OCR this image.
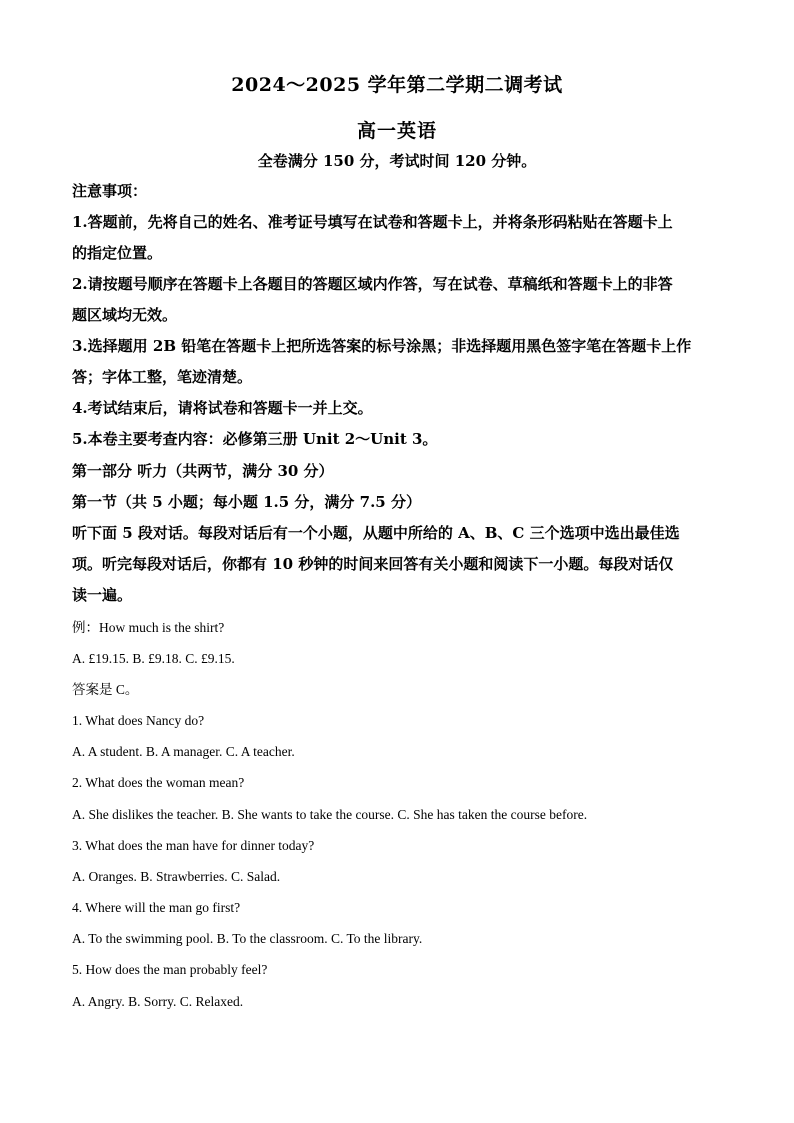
2024～2025 学年第二学期二调考试
高一英语
全卷满分 150 分，考试时间 120 分钟。
注意事项：
1.答题前，先将自己的姓名、准考证号填写在试卷和答题卡上，并将条形码粘贴在答题卡上
的指定位置。
2.请按题号顺序在答题卡上各题目的答题区域内作答，写在试卷、草稿纸和答题卡上的非答
题区域均无效。
3.选择题用 2B 铅笔在答题卡上把所选答案的标号涂黑；非选择题用黑色签字笔在答题卡上作
答；字体工整，笔迹清楚。
4.考试结束后，请将试卷和答题卡一并上交。
5.本卷主要考查内容：必修第三册 Unit 2～Unit 3。
第一部分 听力（共两节，满分 30 分）
第一节（共 5 小题；每小题 1.5 分，满分 7.5 分）
听下面 5 段对话。每段对话后有一个小题，从题中所给的 A、B、C 三个选项中选出最佳选
项。听完每段对话后，你都有 10 秒钟的时间来回答有关小题和阅读下一小题。每段对话仅
读一遍。
例：How much is the shirt?
A. £19.15. B. £9.18. C. £9.15.
答案是 C。
1. What does Nancy do?
A. A student. B. A manager. C. A teacher.
2. What does the woman mean?
A. She dislikes the teacher. B. She wants to take the course. C. She has taken the course before.
3. What does the man have for dinner today?
A. Oranges. B. Strawberries. C. Salad.
4. Where will the man go first?
A. To the swimming pool. B. To the classroom. C. To the library.
5. How does the man probably feel?
A. Angry. B. Sorry. C. Relaxed.
